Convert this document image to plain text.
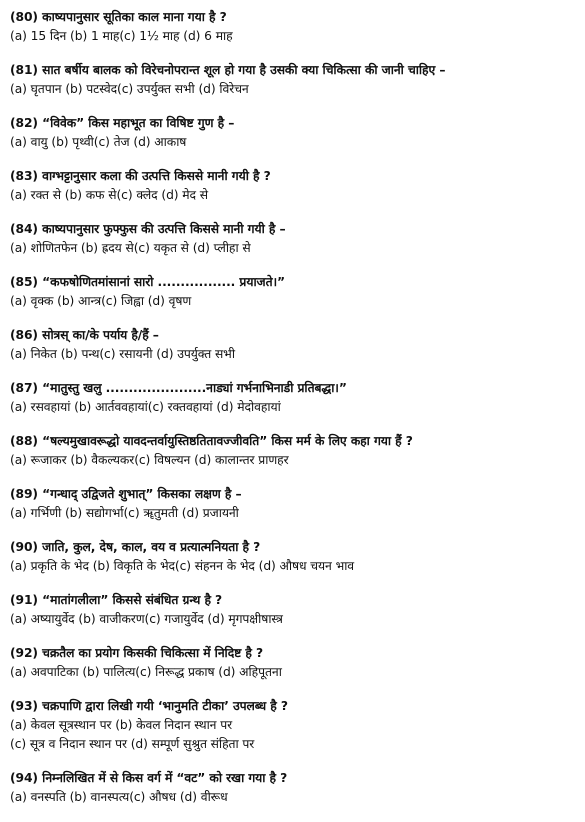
(80) काष्यपानुसार सूतिका काल माना गया है ?
(a) 15 दिन (b) 1 माह(c) 1½ माह (d) 6 माह
(81) सात बर्षीय बालक को विरेचनोपरान्त शूल हो गया है उसकी क्या चिकित्सा की जानी चाहिए –
(a) घृतपान (b) पटस्वेद(c) उपर्युक्त सभी (d) विरेचन
(82) “विवेक” किस महाभूत का विषिष्ट गुण है –
(a) वायु (b) पृथ्वी(c) तेज (d) आकाष
(83) वाग्भट्टानुसार कला की उत्पत्ति किससे मानी गयी है ?
(a) रक्त से (b) कफ से(c) क्लेद (d) मेद से
(84) काष्यपानुसार फुफ्फुस की उत्पत्ति किससे मानी गयी है –
(a) शोणितफेन (b) ह्रदय से(c) यकृत से (d) प्लीहा से
(85) “कफषोणितमांसानां सारो ................. प्रयाजते।”
(a) वृक्क (b) आन्त्र(c) जिह्वा (d) वृषण
(86) सोत्रस् का/के पर्याय है/हैं –
(a) निकेत (b) पन्थ(c) रसायनी (d) उपर्युक्त सभी
(87) “मातुस्तु खलु ......................नाड्यां गर्भनाभिनाडी प्रतिबद्धा।”
(a) रसवहायां (b) आर्तववहायां(c) रक्तवहायां (d) मेदोवहायां
(88) “षल्यमुखावरूद्धो यावदन्तर्वायुस्तिष्ठतितावज्जीवति” किस मर्म के लिए कहा गया हैं ?
(a) रूजाकर (b) वैकल्यकर(c) विषल्यन (d) कालान्तर प्राणहर
(89) “गन्धाद् उद्विजते शुभात्” किसका लक्षण है –
(a) गर्भिणी (b) सद्योगर्भा(c) ॠतुमती (d) प्रजायनी
(90) जाति, कुल, देष, काल, वय व प्रत्यात्मनियता है ?
(a) प्रकृति के भेद (b) विकृति के भेद(c) संहनन के भेद (d) औषध चयन भाव
(91) “मातांगलीला” किससे संबंधित ग्रन्थ है ?
(a) अष्यायुर्वेद (b) वाजीकरण(c) गजायुर्वेद (d) मृगपक्षीषास्त्र
(92) चक्रतैल का प्रयोग किसकी चिकित्सा में निदिष्ट है ?
(a) अवपाटिका (b) पालित्य(c) निरूद्ध प्रकाष (d) अहिपूतना
(93) चक्रपाणि द्वारा लिखी गयी ‘भानुमति टीका’ उपलब्ध है ?
(a) केवल सूत्रस्थान पर (b) केवल निदान स्थान पर
(c) सूत्र व निदान स्थान पर (d) सम्पूर्ण सुश्रुत संहिता पर
(94) निम्नलिखित में से किस वर्ग में “वट” को रखा गया है ?
(a) वनस्पति (b) वानस्पत्य(c) औषध (d) वीरूध
